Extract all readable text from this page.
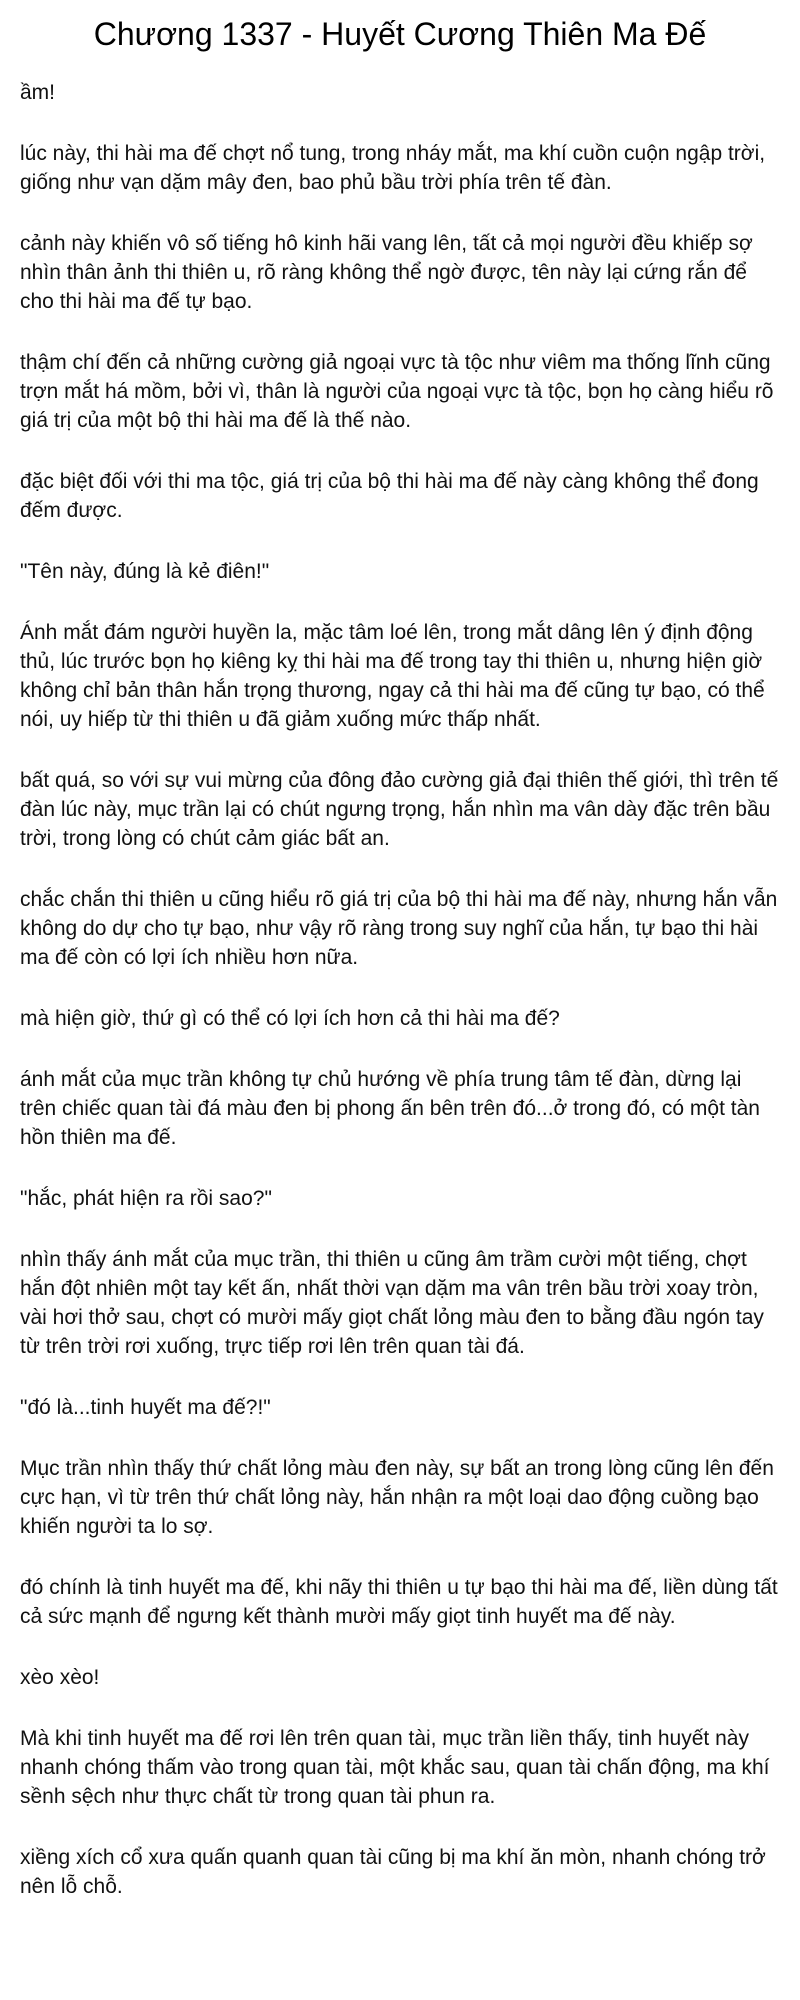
Chương 1337 - Huyết Cương Thiên Ma Đế

ầm!

lúc này, thi hài ma đế chợt nổ tung, trong nháy mắt, ma khí cuồn cuộn ngập trời, giống như vạn dặm mây đen, bao phủ bầu trời phía trên tế đàn.

cảnh này khiến vô số tiếng hô kinh hãi vang lên, tất cả mọi người đều khiếp sợ nhìn thân ảnh thi thiên u, rõ ràng không thể ngờ được, tên này lại cứng rắn để cho thi hài ma đế tự bạo.

thậm chí đến cả những cường giả ngoại vực tà tộc như viêm ma thống lĩnh cũng trợn mắt há mồm, bởi vì, thân là người của ngoại vực tà tộc, bọn họ càng hiểu rõ giá trị của một bộ thi hài ma đế là thế nào.

đặc biệt đối với thi ma tộc, giá trị của bộ thi hài ma đế này càng không thể đong đếm được.

"Tên này, đúng là kẻ điên!"

Ánh mắt đám người huyền la, mặc tâm loé lên, trong mắt dâng lên ý định động thủ, lúc trước bọn họ kiêng kỵ thi hài ma đế trong tay thi thiên u, nhưng hiện giờ không chỉ bản thân hắn trọng thương, ngay cả thi hài ma đế cũng tự bạo, có thể nói, uy hiếp từ thi thiên u đã giảm xuống mức thấp nhất.

bất quá, so với sự vui mừng của đông đảo cường giả đại thiên thế giới, thì trên tế đàn lúc này, mục trần lại có chút ngưng trọng, hắn nhìn ma vân dày đặc trên bầu trời, trong lòng có chút cảm giác bất an.

chắc chắn thi thiên u cũng hiểu rõ giá trị của bộ thi hài ma đế này, nhưng hắn vẫn không do dự cho tự bạo, như vậy rõ ràng trong suy nghĩ của hắn, tự bạo thi hài ma đế còn có lợi ích nhiều hơn nữa.

mà hiện giờ, thứ gì có thể có lợi ích hơn cả thi hài ma đế?

ánh mắt của mục trần không tự chủ hướng về phía trung tâm tế đàn, dừng lại trên chiếc quan tài đá màu đen bị phong ấn bên trên đó...ở trong đó, có một tàn hồn thiên ma đế.

"hắc, phát hiện ra rồi sao?"

nhìn thấy ánh mắt của mục trần, thi thiên u cũng âm trầm cười một tiếng, chợt hắn đột nhiên một tay kết ấn, nhất thời vạn dặm ma vân trên bầu trời xoay tròn, vài hơi thở sau, chợt có mười mấy giọt chất lỏng màu đen to bằng đầu ngón tay từ trên trời rơi xuống, trực tiếp rơi lên trên quan tài đá.

"đó là...tinh huyết ma đế?!"

Mục trần nhìn thấy thứ chất lỏng màu đen này, sự bất an trong lòng cũng lên đến cực hạn, vì từ trên thứ chất lỏng này, hắn nhận ra một loại dao động cuồng bạo khiến người ta lo sợ.

đó chính là tinh huyết ma đế, khi nãy thi thiên u tự bạo thi hài ma đế, liền dùng tất cả sức mạnh để ngưng kết thành mười mấy giọt tinh huyết ma đế này.

xèo xèo!

Mà khi tinh huyết ma đế rơi lên trên quan tài, mục trần liền thấy, tinh huyết này nhanh chóng thấm vào trong quan tài, một khắc sau, quan tài chấn động, ma khí sềnh sệch như thực chất từ trong quan tài phun ra.

xiềng xích cổ xưa quấn quanh quan tài cũng bị ma khí ăn mòn, nhanh chóng trở nên lỗ chỗ.
